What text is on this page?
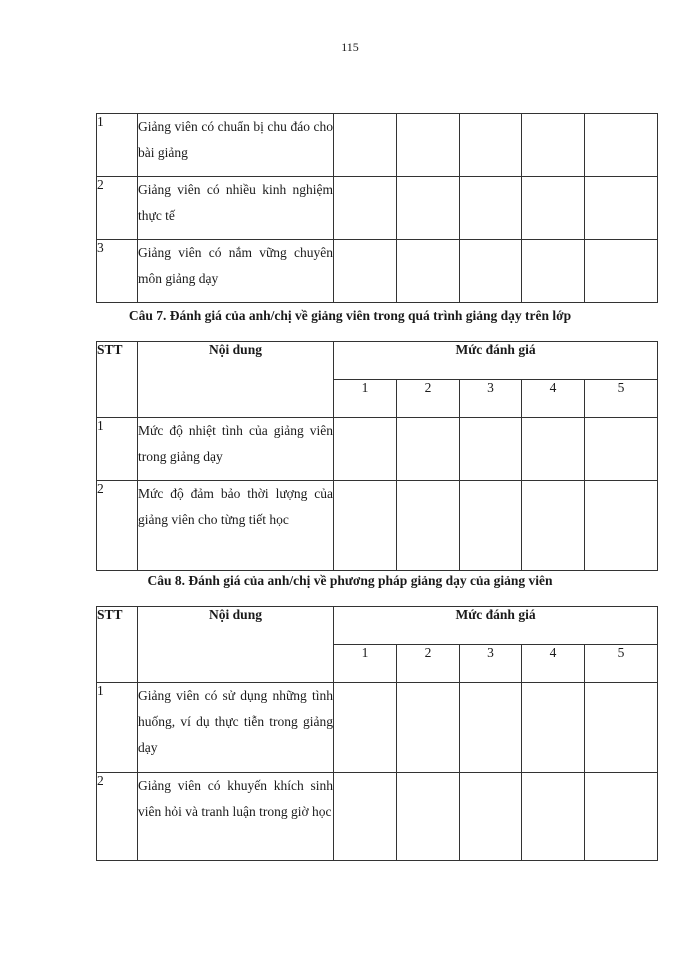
115
1	Giảng viên có chuẩn bị chu đáo cho bài giảng					
2	Giảng viên có nhiều kinh nghiệm thực tế					
3	Giảng viên có nắm vững chuyên môn giảng dạy					
Câu 7. Đánh giá của anh/chị về giảng viên trong quá trình giảng dạy trên lớp
STT	Nội dung	Mức đánh giá				
		1	2	3	4	5
1	Mức độ nhiệt tình của giảng viên trong giảng dạy					
2	Mức độ đảm bảo thời lượng của giảng viên cho từng tiết học					
Câu 8. Đánh giá của anh/chị về phương pháp giảng dạy của giảng viên
STT	Nội dung	Mức đánh giá				
		1	2	3	4	5
1	Giảng viên có sử dụng những tình huống, ví dụ thực tiễn trong giảng dạy					
2	Giảng viên có khuyến khích sinh viên hỏi và tranh luận trong giờ học					
